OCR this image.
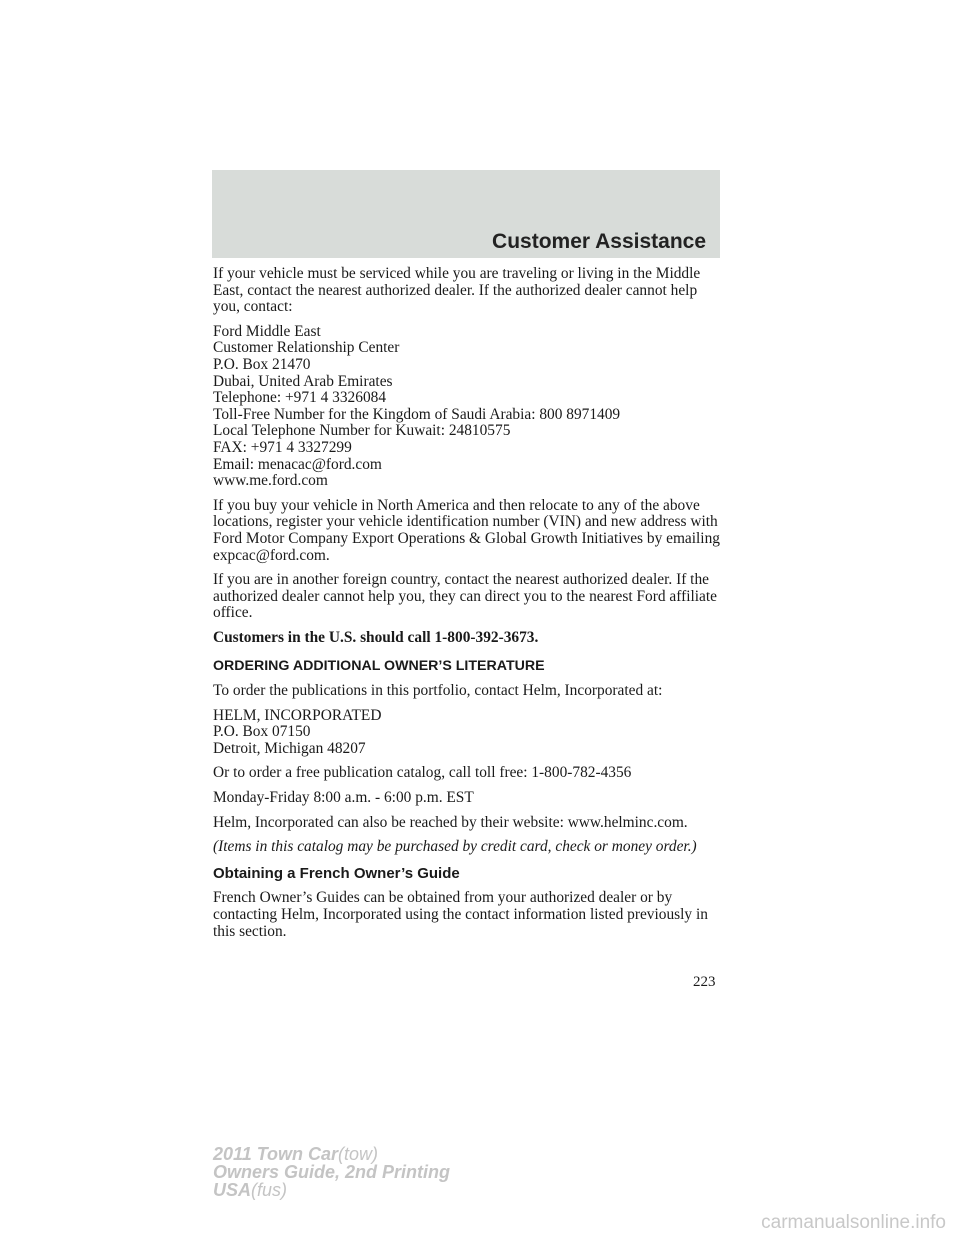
Customer Assistance

If your vehicle must be serviced while you are traveling or living in the Middle East, contact the nearest authorized dealer. If the authorized dealer cannot help you, contact:

Ford Middle East

Customer Relationship Center

P.O. Box 21470

Dubai, United Arab Emirates

Telephone: +971 4 3326084

Toll-Free Number for the Kingdom of Saudi Arabia: 800 8971409

Local Telephone Number for Kuwait: 24810575

FAX: +971 4 3327299

Email: menacac@ford.com

www.me.ford.com

If you buy your vehicle in North America and then relocate to any of the above locations, register your vehicle identification number (VIN) and new address with Ford Motor Company Export Operations & Global Growth Initiatives by emailing expcac@ford.com.

If you are in another foreign country, contact the nearest authorized dealer. If the authorized dealer cannot help you, they can direct you to the nearest Ford affiliate office.

Customers in the U.S. should call 1-800-392-3673.

ORDERING ADDITIONAL OWNER’S LITERATURE

To order the publications in this portfolio, contact Helm, Incorporated at:

HELM, INCORPORATED

P.O. Box 07150

Detroit, Michigan 48207

Or to order a free publication catalog, call toll free: 1-800-782-4356

Monday-Friday 8:00 a.m. - 6:00 p.m. EST

Helm, Incorporated can also be reached by their website: www.helminc.com.

(Items in this catalog may be purchased by credit card, check or money order.)

Obtaining a French Owner’s Guide

French Owner’s Guides can be obtained from your authorized dealer or by contacting Helm, Incorporated using the contact information listed previously in this section.

223
2011 Town Car(tow)
Owners Guide, 2nd Printing
USA(fus)
carmanualsonline.info
